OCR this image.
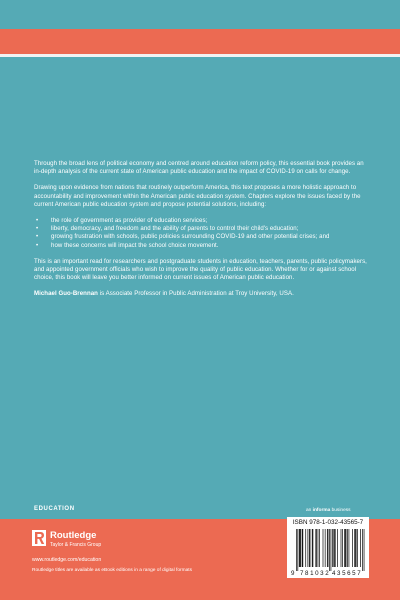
Through the broad lens of political economy and centred around education reform policy, this essential book provides an in-depth analysis of the current state of American public education and the impact of COVID-19 on calls for change.

Drawing upon evidence from nations that routinely outperform America, this text proposes a more holistic approach to accountability and improvement within the American public education system. Chapters explore the issues faced by the current American public education system and propose potential solutions, including:

• the role of government as provider of education services;
• liberty, democracy, and freedom and the ability of parents to control their child's education;
• growing frustration with schools, public policies surrounding COVID-19 and other potential crises; and
• how these concerns will impact the school choice movement.

This is an important read for researchers and postgraduate students in education, teachers, parents, public policymakers, and appointed government officials who wish to improve the quality of public education. Whether for or against school choice, this book will leave you better informed on current issues of American public education.

Michael Guo-Brennan is Associate Professor in Public Administration at Troy University, USA.

EDUCATION
Routledge
Taylor & Francis Group
www.routledge.com/education
Routledge titles are available as eBook editions in a range of digital formats
an informa business
ISBN 978-1-032-43565-7
9 781032 435657
